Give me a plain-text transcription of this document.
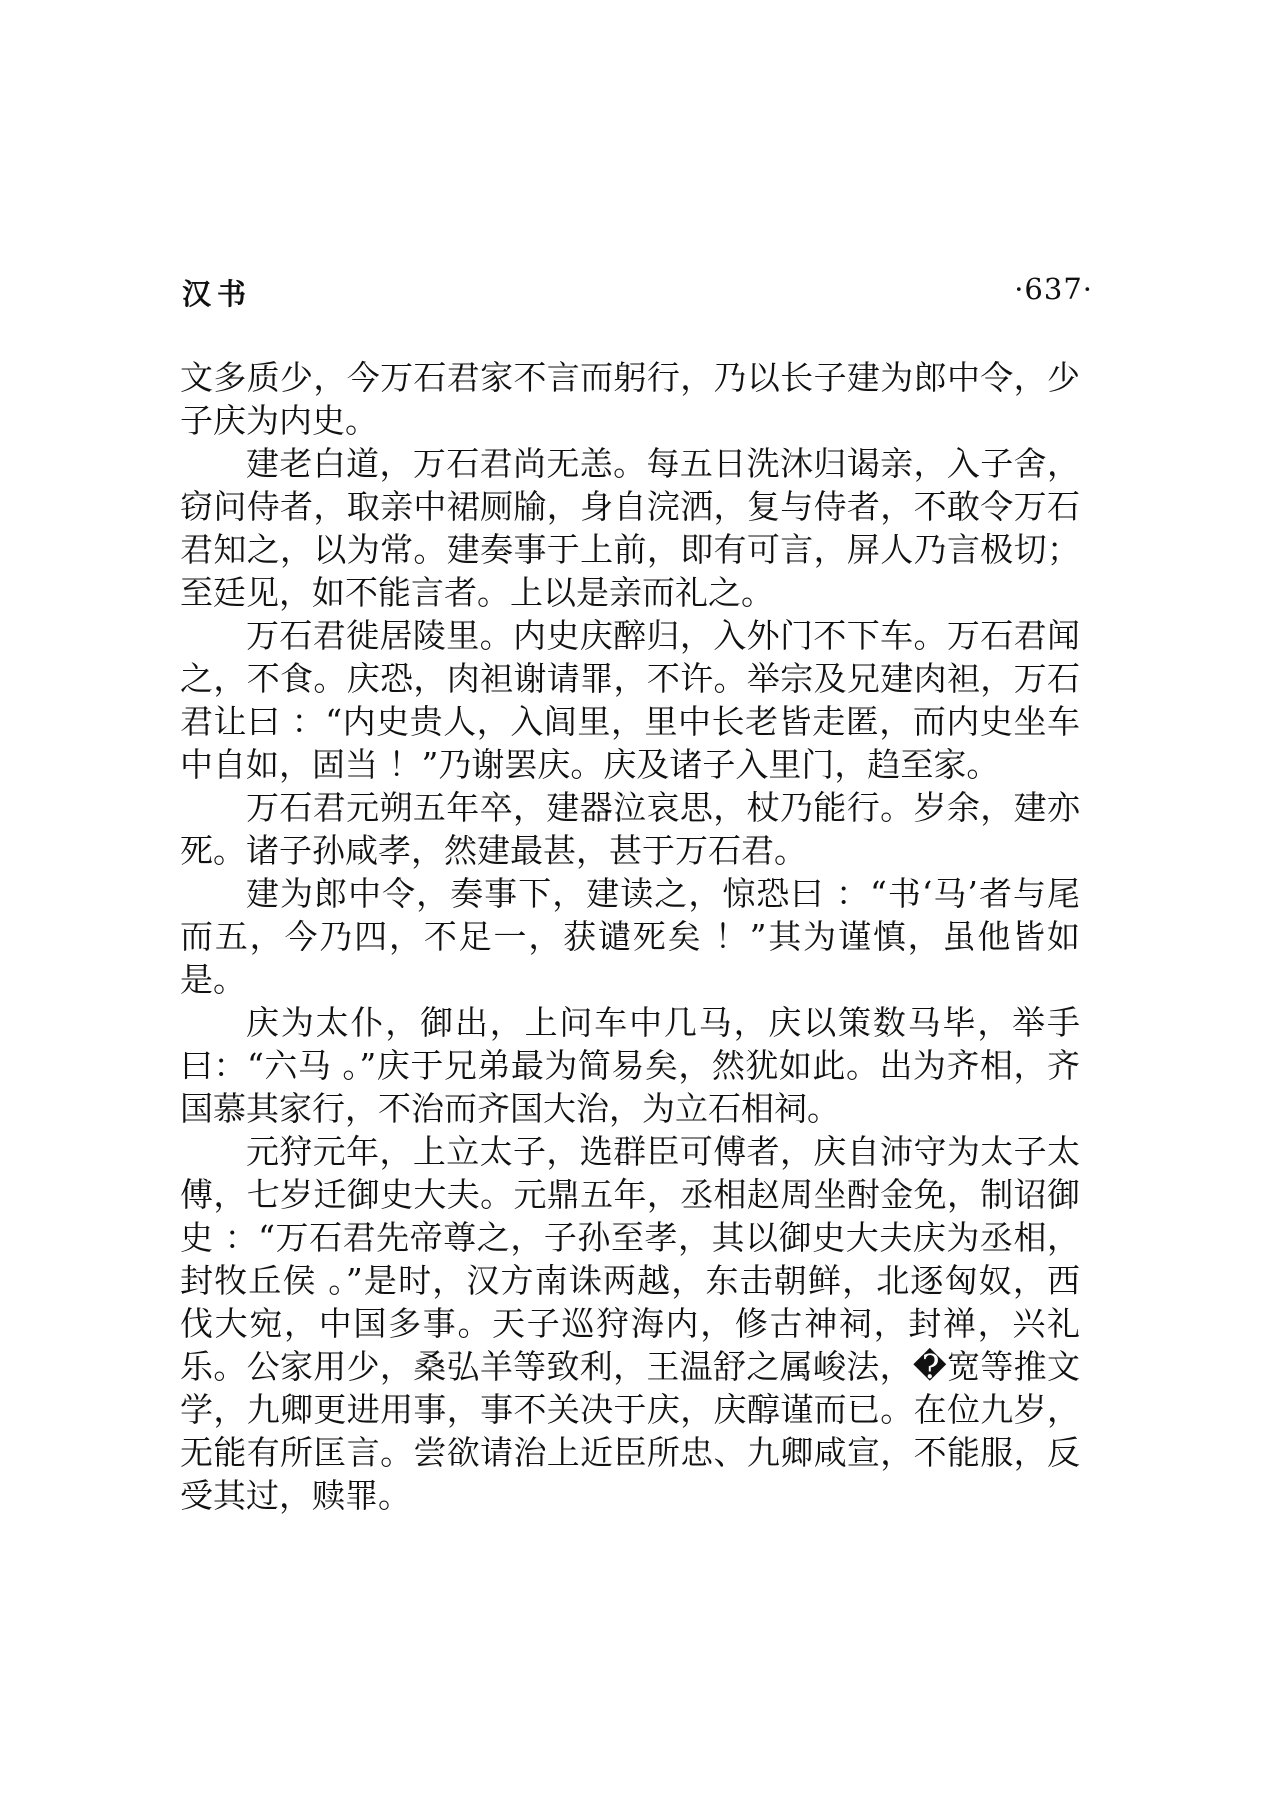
汉书	·637·

文多质少，今万石君家不言而躬行，乃以长子建为郎中令，少子庆为内史。

建老白道，万石君尚无恙。每五日洗沐归谒亲，入子舍，窃问侍者，取亲中裙厕牏，身自浣洒，复与侍者，不敢令万石君知之，以为常。建奏事于上前，即有可言，屏人乃言极切；至廷见，如不能言者。上以是亲而礼之。

万石君徙居陵里。内史庆醉归，入外门不下车。万石君闻之，不食。庆恐，肉袒谢请罪，不许。举宗及兄建肉袒，万石君让曰 ：“内史贵人，入闾里，里中长老皆走匿，而内史坐车中自如，固当 ！”乃谢罢庆。庆及诸子入里门，趋至家。

万石君元朔五年卒，建器泣哀思，杖乃能行。岁余，建亦死。诸子孙咸孝，然建最甚，甚于万石君。

建为郎中令，奏事下，建读之，惊恐曰 ：“书‘马’者与尾而五，今乃四，不足一，获谴死矣 ！”其为谨慎，虽他皆如是。

庆为太仆，御出，上问车中几马，庆以策数马毕，举手曰：“六马 。”庆于兄弟最为简易矣，然犹如此。出为齐相，齐国慕其家行，不治而齐国大治，为立石相祠。

元狩元年，上立太子，选群臣可傅者，庆自沛守为太子太傅，七岁迁御史大夫。元鼎五年，丞相赵周坐酎金免，制诏御史 ：“万石君先帝尊之，子孙至孝，其以御史大夫庆为丞相，封牧丘侯 。”是时，汉方南诛两越，东击朝鲜，北逐匈奴，西伐大宛，中国多事。天子巡狩海内，修古神祠，封禅，兴礼乐。公家用少，桑弘羊等致利，王温舒之属峻法，�宽等推文学，九卿更进用事，事不关决于庆，庆醇谨而已。在位九岁，无能有所匡言。尝欲请治上近臣所忠、九卿咸宣，不能服，反受其过，赎罪。
